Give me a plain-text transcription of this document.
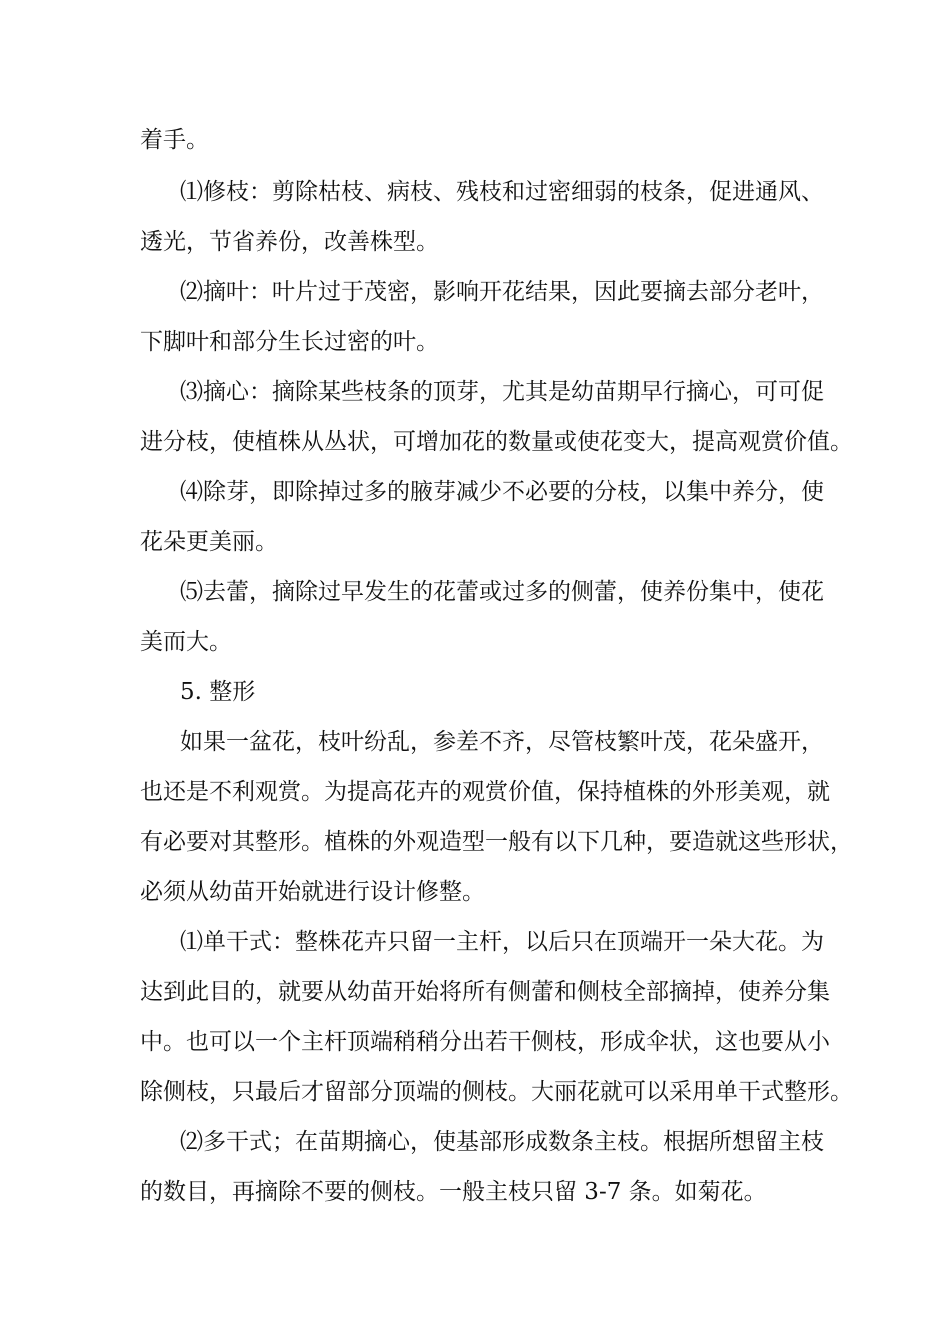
着手。
⑴修枝：剪除枯枝、病枝、残枝和过密细弱的枝条，促进通风、
透光，节省养份，改善株型。
⑵摘叶：叶片过于茂密，影响开花结果，因此要摘去部分老叶，
下脚叶和部分生长过密的叶。
⑶摘心：摘除某些枝条的顶芽，尤其是幼苗期早行摘心，可可促
进分枝，使植株从丛状，可增加花的数量或使花变大，提高观赏价值。
⑷除芽，即除掉过多的腋芽减少不必要的分枝，以集中养分，使
花朵更美丽。
⑸去蕾，摘除过早发生的花蕾或过多的侧蕾，使养份集中，使花
美而大。
5. 整形
如果一盆花，枝叶纷乱，参差不齐，尽管枝繁叶茂，花朵盛开，
也还是不利观赏。为提高花卉的观赏价值，保持植株的外形美观，就
有必要对其整形。植株的外观造型一般有以下几种，要造就这些形状，
必须从幼苗开始就进行设计修整。
⑴单干式：整株花卉只留一主杆，以后只在顶端开一朵大花。为
达到此目的，就要从幼苗开始将所有侧蕾和侧枝全部摘掉，使养分集
中。也可以一个主杆顶端稍稍分出若干侧枝，形成伞状，这也要从小
除侧枝，只最后才留部分顶端的侧枝。大丽花就可以采用单干式整形。
⑵多干式；在苗期摘心，使基部形成数条主枝。根据所想留主枝
的数目，再摘除不要的侧枝。一般主枝只留 3-7 条。如菊花。
